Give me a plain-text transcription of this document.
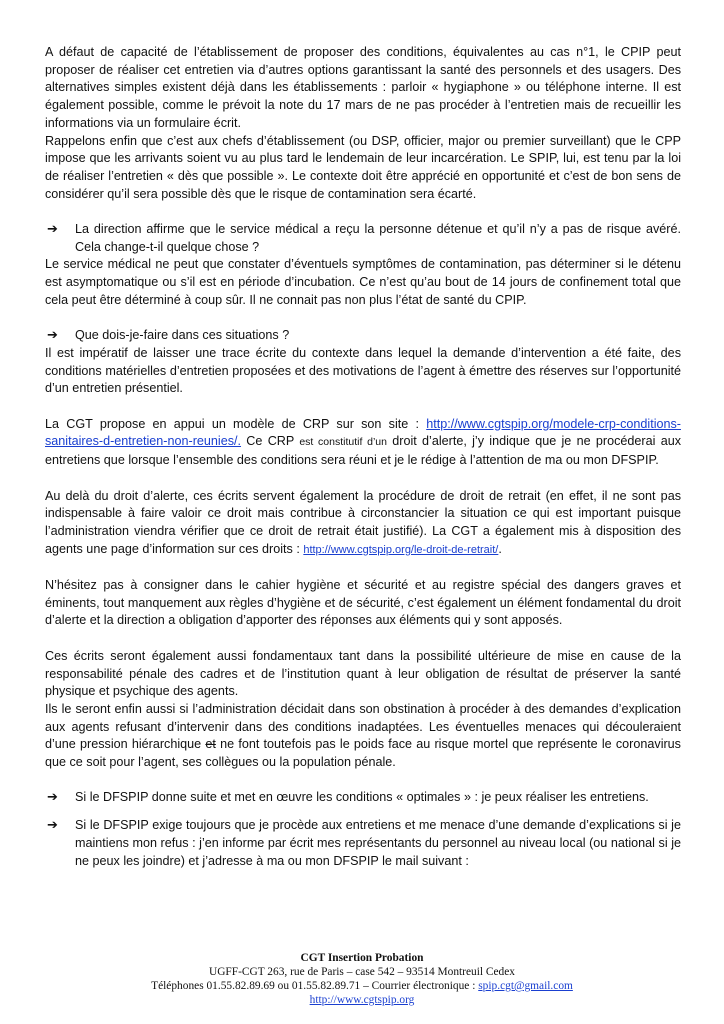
A défaut de capacité de l’établissement de proposer des conditions, équivalentes au cas n°1, le CPIP peut proposer de réaliser cet entretien via d’autres options garantissant la santé des personnels et des usagers. Des alternatives simples existent déjà dans les établissements : parloir « hygiaphone » ou téléphone interne. Il est également possible, comme le prévoit la note du 17 mars de ne pas procéder à l’entretien mais de recueillir les informations via un formulaire écrit.

Rappelons enfin que c’est aux chefs d’établissement (ou DSP, officier, major ou premier surveillant) que le CPP impose que les arrivants soient vu au plus tard le lendemain de leur incarcération. Le SPIP, lui, est tenu par la loi de réaliser l’entretien « dès que possible ». Le contexte doit être apprécié en opportunité et c’est de bon sens de considérer qu’il sera possible dès que le risque de contamination sera écarté.

➔	La direction affirme que le service médical a reçu la personne détenue et qu’il n’y a pas de risque avéré. Cela change-t-il quelque chose ?

Le service médical ne peut que constater d’éventuels symptômes de contamination, pas déterminer si le détenu est asymptomatique ou s’il est en période d’incubation. Ce n’est qu’au bout de 14 jours de confinement total que cela peut être déterminé à coup sûr. Il ne connait pas non plus l’état de santé du CPIP.

➔	Que dois-je-faire dans ces situations ?

Il est impératif de laisser une trace écrite du contexte dans lequel la demande d’intervention a été faite, des conditions matérielles d’entretien proposées et des motivations de l’agent à émettre des réserves sur l’opportunité d’un entretien présentiel.

La CGT propose en appui un modèle de CRP sur son site : http://www.cgtspip.org/modele-crp-conditions-sanitaires-d-entretien-non-reunies/. Ce CRP est constitutif d’un droit d’alerte, j’y indique que je ne procéderai aux entretiens que lorsque l’ensemble des conditions sera réuni et je le rédige à l’attention de ma ou mon DFSPIP.

Au delà du droit d’alerte, ces écrits servent également la procédure de droit de retrait (en effet, il ne sont pas indispensable à faire valoir ce droit mais contribue à circonstancier la situation ce qui est important puisque l’administration viendra vérifier que ce droit de retrait était justifié). La CGT a également mis à disposition des agents une page d’information sur ces droits : http://www.cgtspip.org/le-droit-de-retrait/.

N’hésitez pas à consigner dans le cahier hygiène et sécurité et au registre spécial des dangers graves et éminents, tout manquement aux règles d’hygiène et de sécurité, c’est également un élément fondamental du droit d’alerte et la direction a obligation d’apporter des réponses aux éléments qui y sont apposés.

Ces écrits seront également aussi fondamentaux tant dans la possibilité ultérieure de mise en cause de la responsabilité pénale des cadres et de l’institution quant à leur obligation de résultat de préserver la santé physique et psychique des agents.

Ils le seront enfin aussi si l’administration décidait dans son obstination à procéder à des demandes d’explication aux agents refusant d’intervenir dans des conditions inadaptées. Les éventuelles menaces qui découleraient d’une pression hiérarchique et ne font toutefois pas le poids face au risque mortel que représente le coronavirus que ce soit pour l’agent, ses collègues ou la population pénale.

➔	Si le DFSPIP donne suite et met en œuvre les conditions « optimales » : je peux réaliser les entretiens.
➔	Si le DFSPIP exige toujours que je procède aux entretiens et me menace d’une demande d’explications si je maintiens mon refus : j’en informe par écrit mes représentants du personnel au niveau local (ou national si je ne peux les joindre) et j’adresse à ma ou mon DFSPIP le mail suivant :
CGT Insertion Probation
UGFF-CGT 263, rue de Paris – case 542 – 93514 Montreuil Cedex
Téléphones 01.55.82.89.69 ou 01.55.82.89.71 – Courrier électronique : spip.cgt@gmail.com
http://www.cgtspip.org
